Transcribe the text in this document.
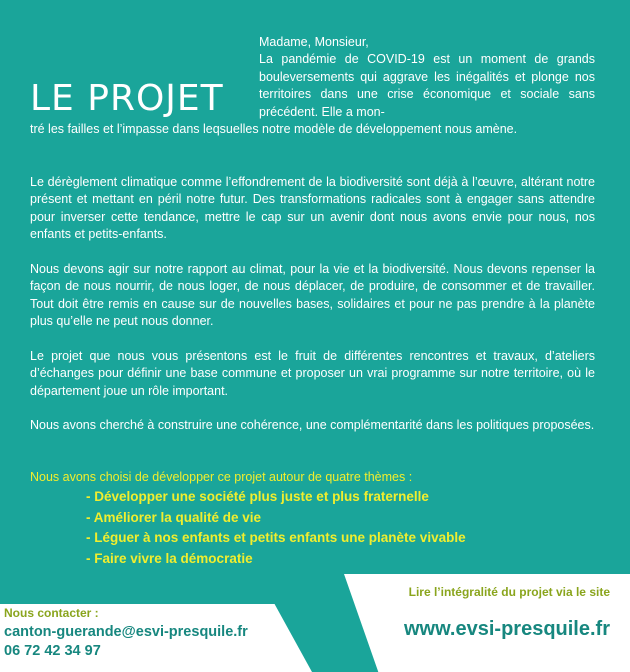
LE PROJET

Madame, Monsieur,

La pandémie de COVID-19 est un moment de grands bouleversements qui aggrave les inégalités et plonge nos territoires dans une crise économique et sociale sans précédent. Elle a mon-

tré les failles et l’impasse dans leqsuelles notre modèle de développement nous amène.

Le dérèglement climatique comme l’effondrement de la biodiversité sont déjà à l’œuvre, altérant notre présent et mettant en péril notre futur. Des transformations radicales sont à engager sans attendre pour inverser cette tendance, mettre le cap sur un avenir dont nous avons envie pour nous, nos enfants et petits-enfants.

Nous devons agir sur notre rapport au climat, pour la vie et la biodiversité. Nous devons repenser la façon de nous nourrir, de nous loger, de nous déplacer, de produire, de consommer et de travailler. Tout doit être remis en cause sur de nouvelles bases, solidaires et pour ne pas prendre à la planète plus qu’elle ne peut nous donner.

Le projet que nous vous présentons est le fruit de différentes rencontres et travaux, d’ateliers d’échanges pour définir une base commune et proposer un vrai programme sur notre territoire, où le département joue un rôle important.

Nous avons cherché à construire une cohérence, une complémentarité dans les politiques proposées.

Nous avons choisi de développer ce projet autour de quatre thèmes :
- Développer une société plus juste et plus fraternelle
- Améliorer la qualité de vie
- Léguer à nos enfants et petits enfants une planète vivable
- Faire vivre la démocratie
Nous contacter :
canton-guerande@esvi-presquile.fr
06 72 42 34 97
Lire l’intégralité du projet via le site
www.evsi-presquile.fr
